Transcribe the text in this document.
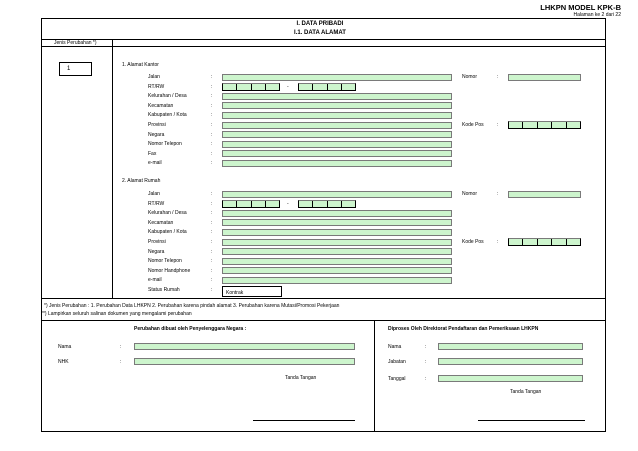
LHKPN MODEL KPK-B
Halaman ke 2 dari 22
I. DATA PRIBADI
I.1. DATA ALAMAT
Jenis Perubahan *)
1
1. Alamat Kantor
Jalan	:
RT/RW	:	-
Kelurahan / Desa	:
Kecamatan	:
Kabupaten / Kota	:
Provinsi	:
Negara	:
Nomor Telepon	:
Fax	:
e-mail	:
Nomor	:
Kode Pos	:
2. Alamat Rumah
Jalan	:
RT/RW	:	-
Kelurahan / Desa	:
Kecamatan	:
Kabupaten / Kota	:
Provinsi	:
Negara	:
Nomor Telepon	:
Nomor Handphone	:
e-mail	:
Status Rumah	:	Kontrak
Nomor	:
Kode Pos	:
*) Jenis Perubahan : 1. Perubahan Data LHKPN 2. Perubahan karena pindah alamat 3. Perubahan karena Mutasi/Promosi Pekerjaan
**) Lampirkan seluruh salinan dokumen yang mengalami perubahan
Perubahan dibuat oleh Penyelenggara Negara :
Nama	:
NHK	:
Tanda Tangan
Diproses Oleh Direktorat Pendaftaran dan Pemeriksaan LHKPN
Nama	:
Jabatan	:
Tanggal	:
Tanda Tangan
